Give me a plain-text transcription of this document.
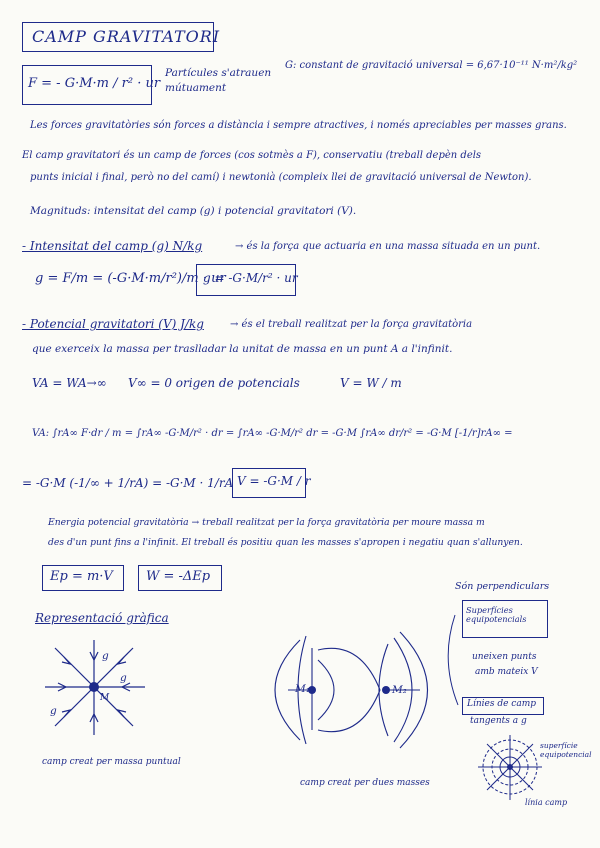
CAMP GRAVITATORI
F = - G·M·m / r² · ur
Partícules s'atrauen
mútuament
G: constant de gravitació universal = 6,67·10⁻¹¹ N·m²/kg²
Les forces gravitatòries són forces a distància i sempre atractives, i només apreciables per masses grans.
El camp gravitatori és un camp de forces (cos sotmès a F), conservatiu (treball depèn dels
punts inicial i final, però no del camí) i newtonià (compleix llei de gravitació universal de Newton).
Magnituds: intensitat del camp (g) i potencial gravitatori (V).
- Intensitat del camp (g) N/kg	→ és la força que actuaria en una massa situada en un punt.
g = F/m = (-G·M·m/r²)/m · ur
g = -G·M/r² · ur
- Potencial gravitatori (V) J/kg	→ és el treball realitzat per la força gravitatòria
que exerceix la massa per traslladar la unitat de massa en un punt A a l'infinit.
VA = WA→∞ V∞ = 0 origen de potencials	V = W / m
VA: ∫rA∞ F·dr / m = ∫rA∞ -G·M/r² · dr = ∫rA∞ -G·M/r² dr = -G·M ∫rA∞ dr/r² = -G·M [-1/r]rA∞ =
= -G·M (-1/∞ + 1/rA) = -G·M · 1/rA V = -G·M / r
Energia potencial gravitatòria → treball realitzat per la força gravitatòria per moure massa m
des d'un punt fins a l'infinit. El treball és positiu quan les masses s'apropen i negatiu quan s'allunyen.
Ep = m·V	W = -ΔEp
Representació gràfica
g
g
g
M
camp creat per massa puntual
M₁	M₂
camp creat per dues masses
Són perpendiculars
Superfícies equipotencials
uneixen punts
amb mateix V
Línies de camp
tangents a g
superfície equipotencial
línia camp
